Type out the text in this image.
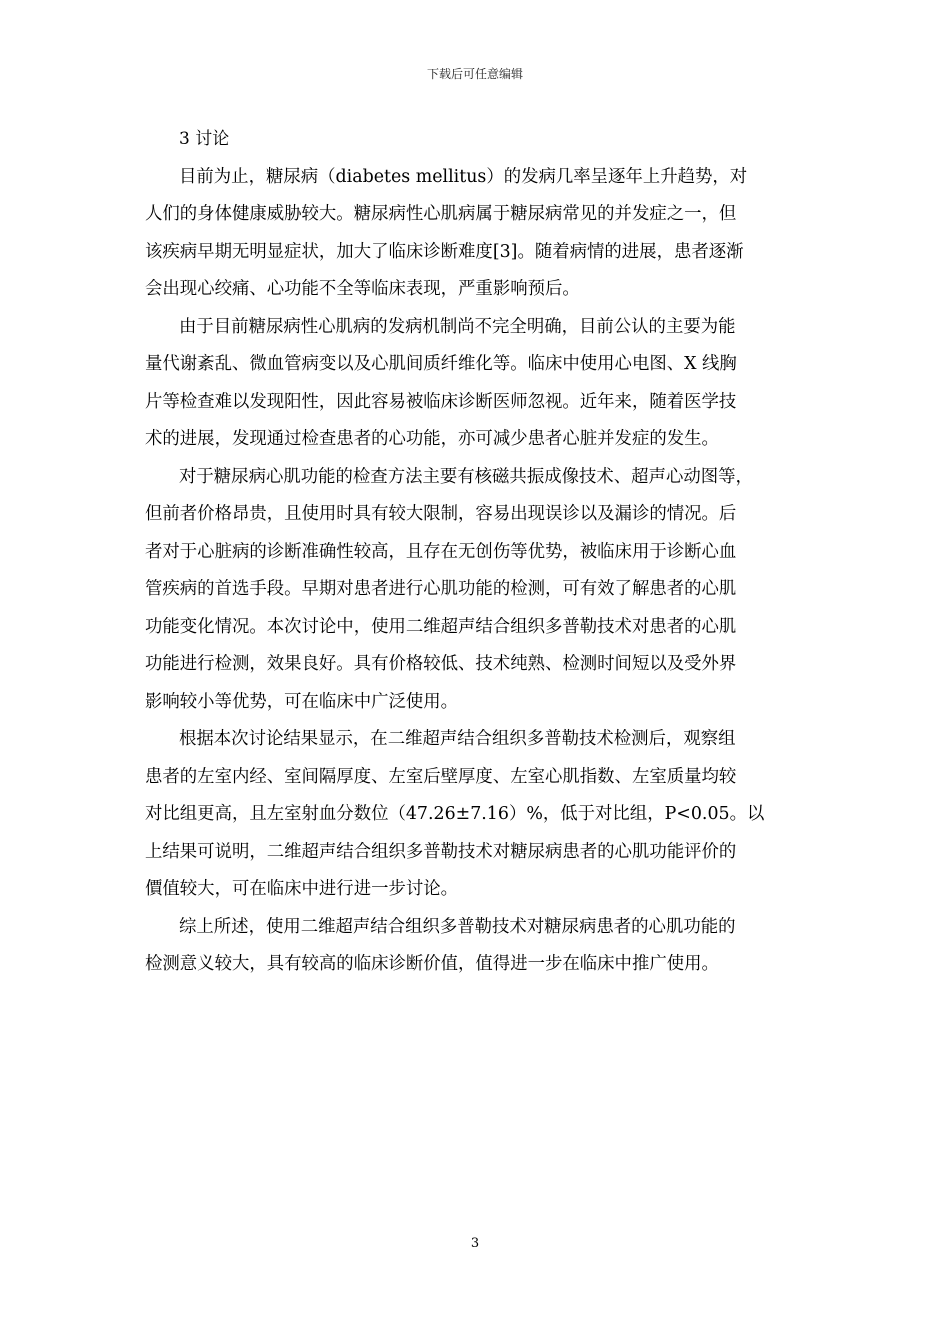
下载后可任意编辑
3 讨论

目前为止，糖尿病（diabetes mellitus）的发病几率呈逐年上升趋势，对
人们的身体健康威胁较大。糖尿病性心肌病属于糖尿病常见的并发症之一，但
该疾病早期无明显症状，加大了临床诊断难度[3]。随着病情的进展，患者逐渐
会出现心绞痛、心功能不全等临床表现，严重影响预后。

由于目前糖尿病性心肌病的发病机制尚不完全明确，目前公认的主要为能
量代谢紊乱、微血管病变以及心肌间质纤维化等。临床中使用心电图、X 线胸
片等检查难以发现阳性，因此容易被临床诊断医师忽视。近年来，随着医学技
术的进展，发现通过检查患者的心功能，亦可减少患者心脏并发症的发生。

对于糖尿病心肌功能的检查方法主要有核磁共振成像技术、超声心动图等，
但前者价格昂贵，且使用时具有较大限制，容易出现误诊以及漏诊的情况。后
者对于心脏病的诊断准确性较高，且存在无创伤等优势，被临床用于诊断心血
管疾病的首选手段。早期对患者进行心肌功能的检测，可有效了解患者的心肌
功能变化情况。本次讨论中，使用二维超声结合组织多普勒技术对患者的心肌
功能进行检测，效果良好。具有价格较低、技术纯熟、检测时间短以及受外界
影响较小等优势，可在临床中广泛使用。

根据本次讨论结果显示，在二维超声结合组织多普勒技术检测后，观察组
患者的左室内经、室间隔厚度、左室后壁厚度、左室心肌指数、左室质量均较
对比组更高，且左室射血分数位（47.26±7.16）%，低于对比组，P<0.05。以
上结果可说明，二维超声结合组织多普勒技术对糖尿病患者的心肌功能评价的
價值较大，可在临床中进行进一步讨论。

综上所述，使用二维超声结合组织多普勒技术对糖尿病患者的心肌功能的
检测意义较大，具有较高的临床诊断价值，值得进一步在临床中推广使用。

3
